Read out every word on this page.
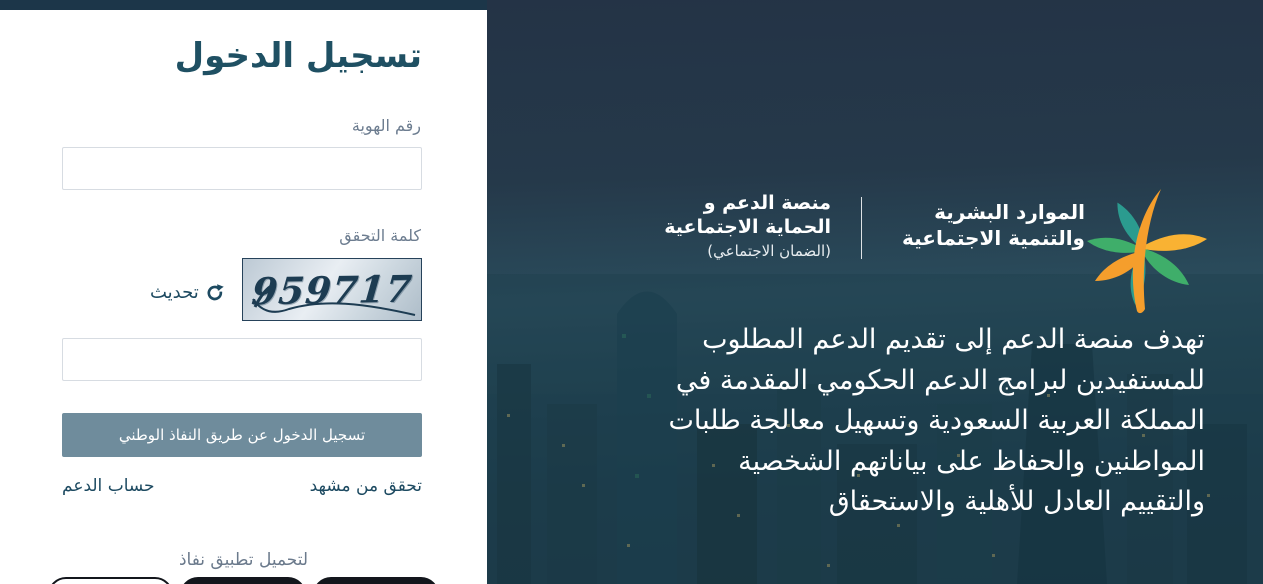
تسجيل الدخول
رقم الهوية
كلمة التحقق
959717
تحديث
تسجيل الدخول عن طريق النفاذ الوطني
تحقق من مشهد
حساب الدعم
لتحميل تطبيق نفاذ
الموارد البشرية
والتنمية الاجتماعية
منصة الدعم و
الحماية الاجتماعية
(الضمان الاجتماعي)

تهدف منصة الدعم إلى تقديم الدعم المطلوب للمستفيدين لبرامج الدعم الحكومي المقدمة في المملكة العربية السعودية وتسهيل معالجة طلبات المواطنين والحفاظ على بياناتهم الشخصية والتقييم العادل للأهلية والاستحقاق
